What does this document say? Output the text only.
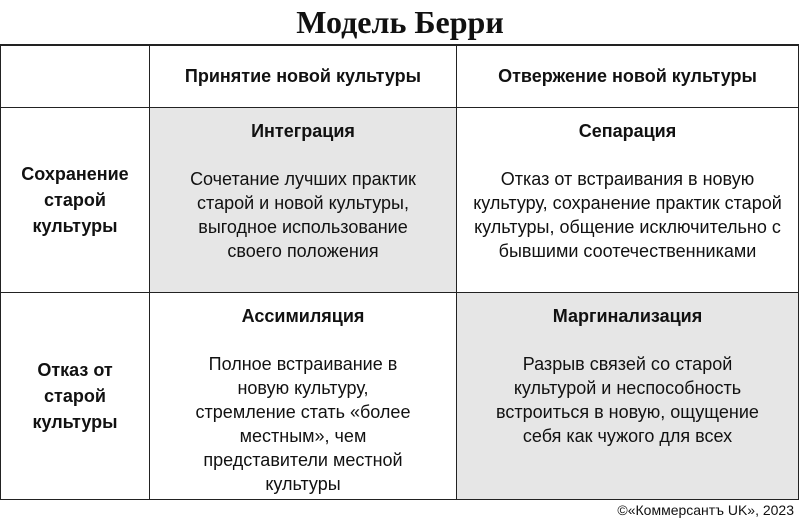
Модель Берри
Принятие новой культуры	Отвержение новой культуры
Сохранение старой культуры
Интеграция
Сочетание лучших практик старой и новой культуры, выгодное использование своего положения
Сепарация
Отказ от встраивания в новую культуру, сохранение практик старой культуры, общение исключительно с бывшими соотечественниками
Отказ от старой культуры
Ассимиляция
Полное встраивание в новую культуру, стремление стать «более местным», чем представители местной культуры
Маргинализация
Разрыв связей со старой культурой и неспособность встроиться в новую, ощущение себя как чужого для всех
©«Коммерсантъ UK», 2023
